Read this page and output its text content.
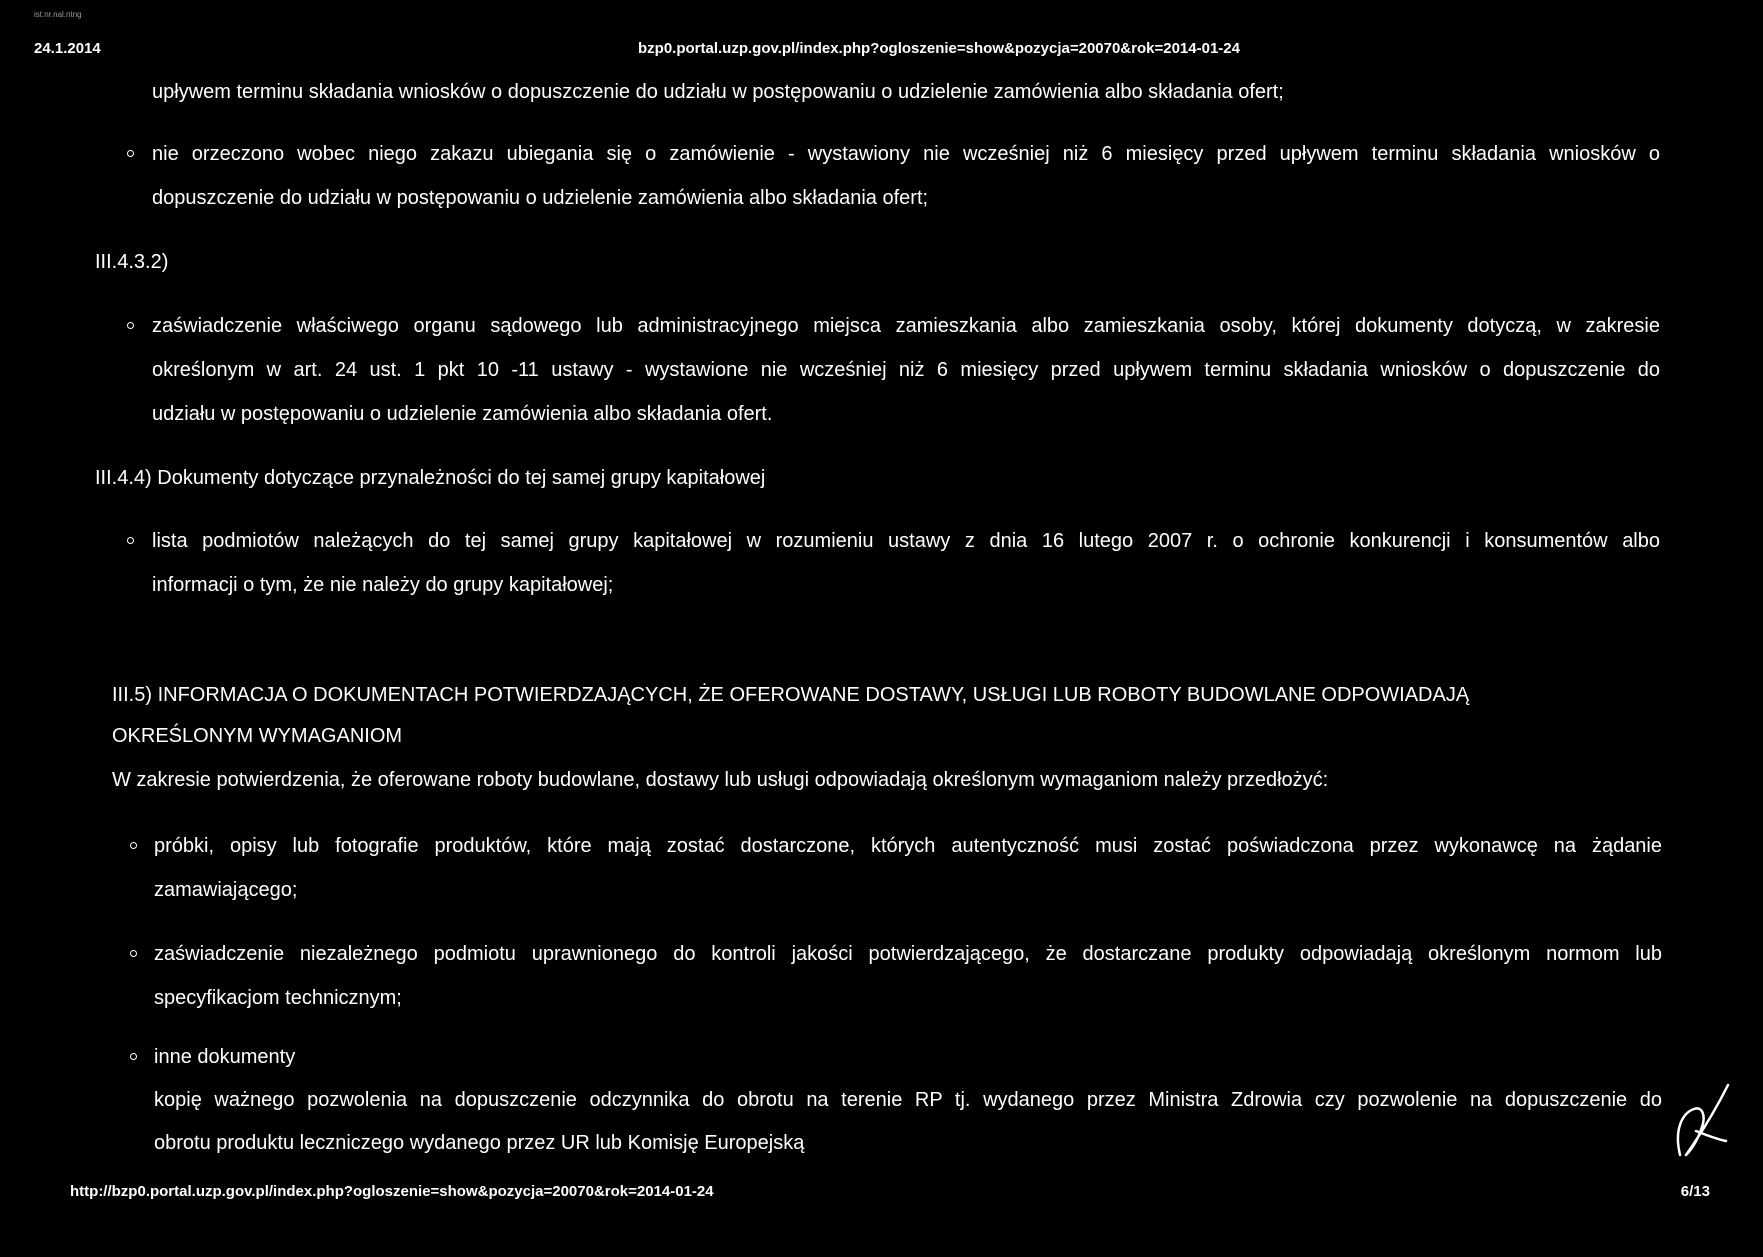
ist.nr.nal.ntng
24.1.2014	bzp0.portal.uzp.gov.pl/index.php?ogloszenie=show&pozycja=20070&rok=2014-01-24
upływem terminu składania wniosków o dopuszczenie do udziału w postępowaniu o udzielenie zamówienia albo składania ofert;
nie orzeczono wobec niego zakazu ubiegania się o zamówienie - wystawiony nie wcześniej niż 6 miesięcy przed upływem terminu składania wniosków o
dopuszczenie do udziału w postępowaniu o udzielenie zamówienia albo składania ofert;
III.4.3.2)
zaświadczenie właściwego organu sądowego lub administracyjnego miejsca zamieszkania albo zamieszkania osoby, której dokumenty dotyczą, w zakresie
określonym w art. 24 ust. 1 pkt 10 -11 ustawy - wystawione nie wcześniej niż 6 miesięcy przed upływem terminu składania wniosków o dopuszczenie do
udziału w postępowaniu o udzielenie zamówienia albo składania ofert.
III.4.4) Dokumenty dotyczące przynależności do tej samej grupy kapitałowej
lista podmiotów należących do tej samej grupy kapitałowej w rozumieniu ustawy z dnia 16 lutego 2007 r. o ochronie konkurencji i konsumentów albo
informacji o tym, że nie należy do grupy kapitałowej;
III.5) INFORMACJA O DOKUMENTACH POTWIERDZAJĄCYCH, ŻE OFEROWANE DOSTAWY, USŁUGI LUB ROBOTY BUDOWLANE ODPOWIADAJĄ
OKREŚLONYM WYMAGANIOM
W zakresie potwierdzenia, że oferowane roboty budowlane, dostawy lub usługi odpowiadają określonym wymaganiom należy przedłożyć:
próbki, opisy lub fotografie produktów, które mają zostać dostarczone, których autentyczność musi zostać poświadczona przez wykonawcę na żądanie
zamawiającego;
zaświadczenie niezależnego podmiotu uprawnionego do kontroli jakości potwierdzającego, że dostarczane produkty odpowiadają określonym normom lub
specyfikacjom technicznym;
inne dokumenty
kopię ważnego pozwolenia na dopuszczenie odczynnika do obrotu na terenie RP tj. wydanego przez Ministra Zdrowia czy pozwolenie na dopuszczenie do
obrotu produktu leczniczego wydanego przez UR lub Komisję Europejską
http://bzp0.portal.uzp.gov.pl/index.php?ogloszenie=show&pozycja=20070&rok=2014-01-24	6/13
